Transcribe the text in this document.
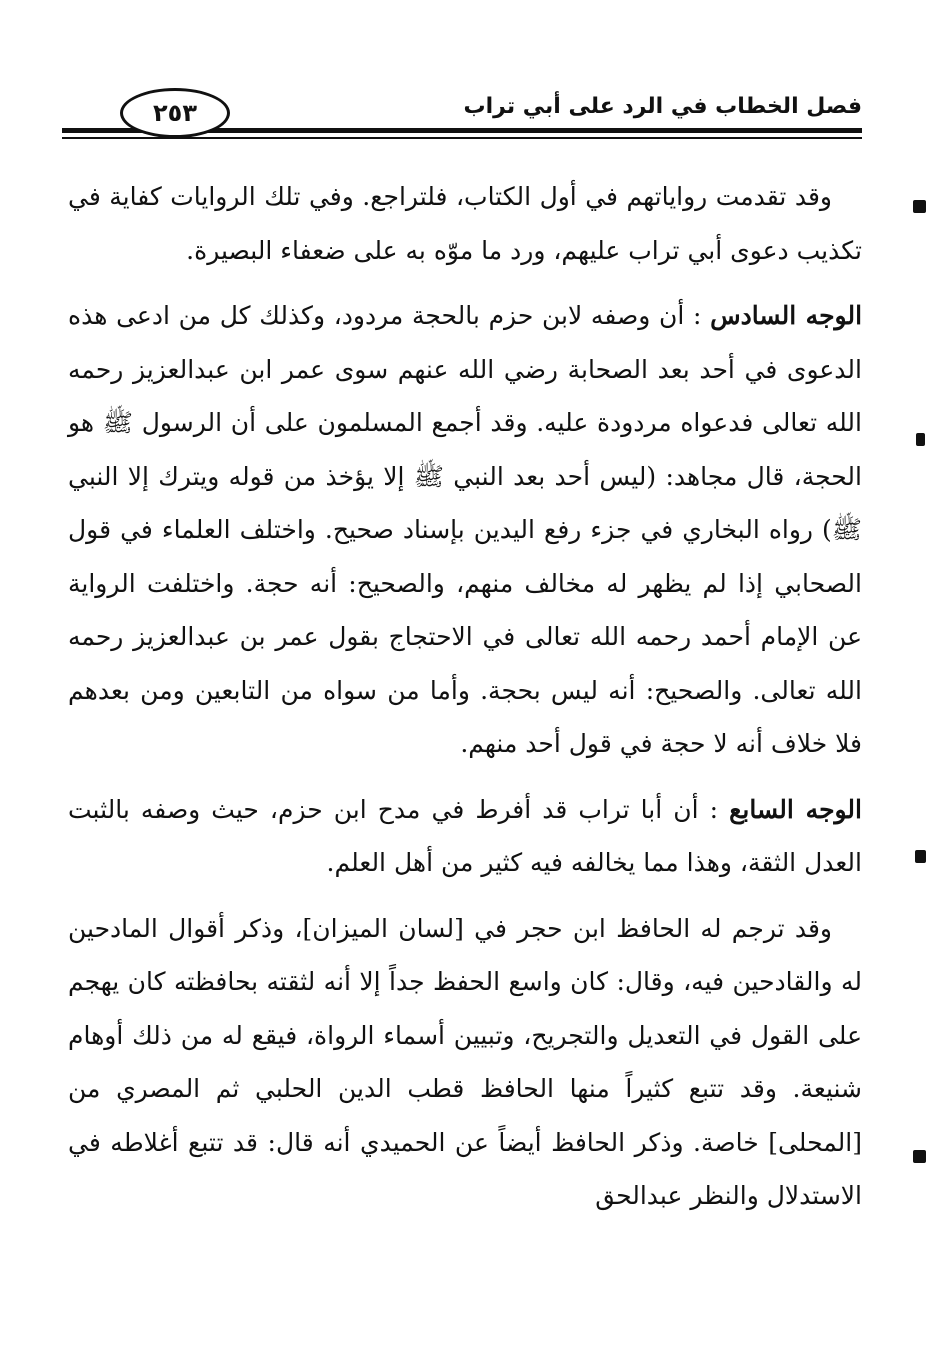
فصل الخطاب في الرد على أبي تراب
٢٥٣

وقد تقدمت رواياتهم في أول الكتاب، فلتراجع. وفي تلك الروايات كفاية في تكذيب دعوى أبي تراب عليهم، ورد ما موّه به على ضعفاء البصيرة.

الوجه السادس : أن وصفه لابن حزم بالحجة مردود، وكذلك كل من ادعى هذه الدعوى في أحد بعد الصحابة رضي الله عنهم سوى عمر ابن عبدالعزيز رحمه الله تعالى فدعواه مردودة عليه. وقد أجمع المسلمون على أن الرسول ﷺ هو الحجة، قال مجاهد: (ليس أحد بعد النبي ﷺ إلا يؤخذ من قوله ويترك إلا النبي ﷺ) رواه البخاري في جزء رفع اليدين بإسناد صحيح. واختلف العلماء في قول الصحابي إذا لم يظهر له مخالف منهم، والصحيح: أنه حجة. واختلفت الرواية عن الإمام أحمد رحمه الله تعالى في الاحتجاج بقول عمر بن عبدالعزيز رحمه الله تعالى. والصحيح: أنه ليس بحجة. وأما من سواه من التابعين ومن بعدهم فلا خلاف أنه لا حجة في قول أحد منهم.

الوجه السابع : أن أبا تراب قد أفرط في مدح ابن حزم، حيث وصفه بالثبت العدل الثقة، وهذا مما يخالفه فيه كثير من أهل العلم.

وقد ترجم له الحافظ ابن حجر في [لسان الميزان]، وذكر أقوال المادحين له والقادحين فيه، وقال: كان واسع الحفظ جداً إلا أنه لثقته بحافظته كان يهجم على القول في التعديل والتجريح، وتبيين أسماء الرواة، فيقع له من ذلك أوهام شنيعة. وقد تتبع كثيراً منها الحافظ قطب الدين الحلبي ثم المصري من [المحلى] خاصة. وذكر الحافظ أيضاً عن الحميدي أنه قال: قد تتبع أغلاطه في الاستدلال والنظر عبدالحق
